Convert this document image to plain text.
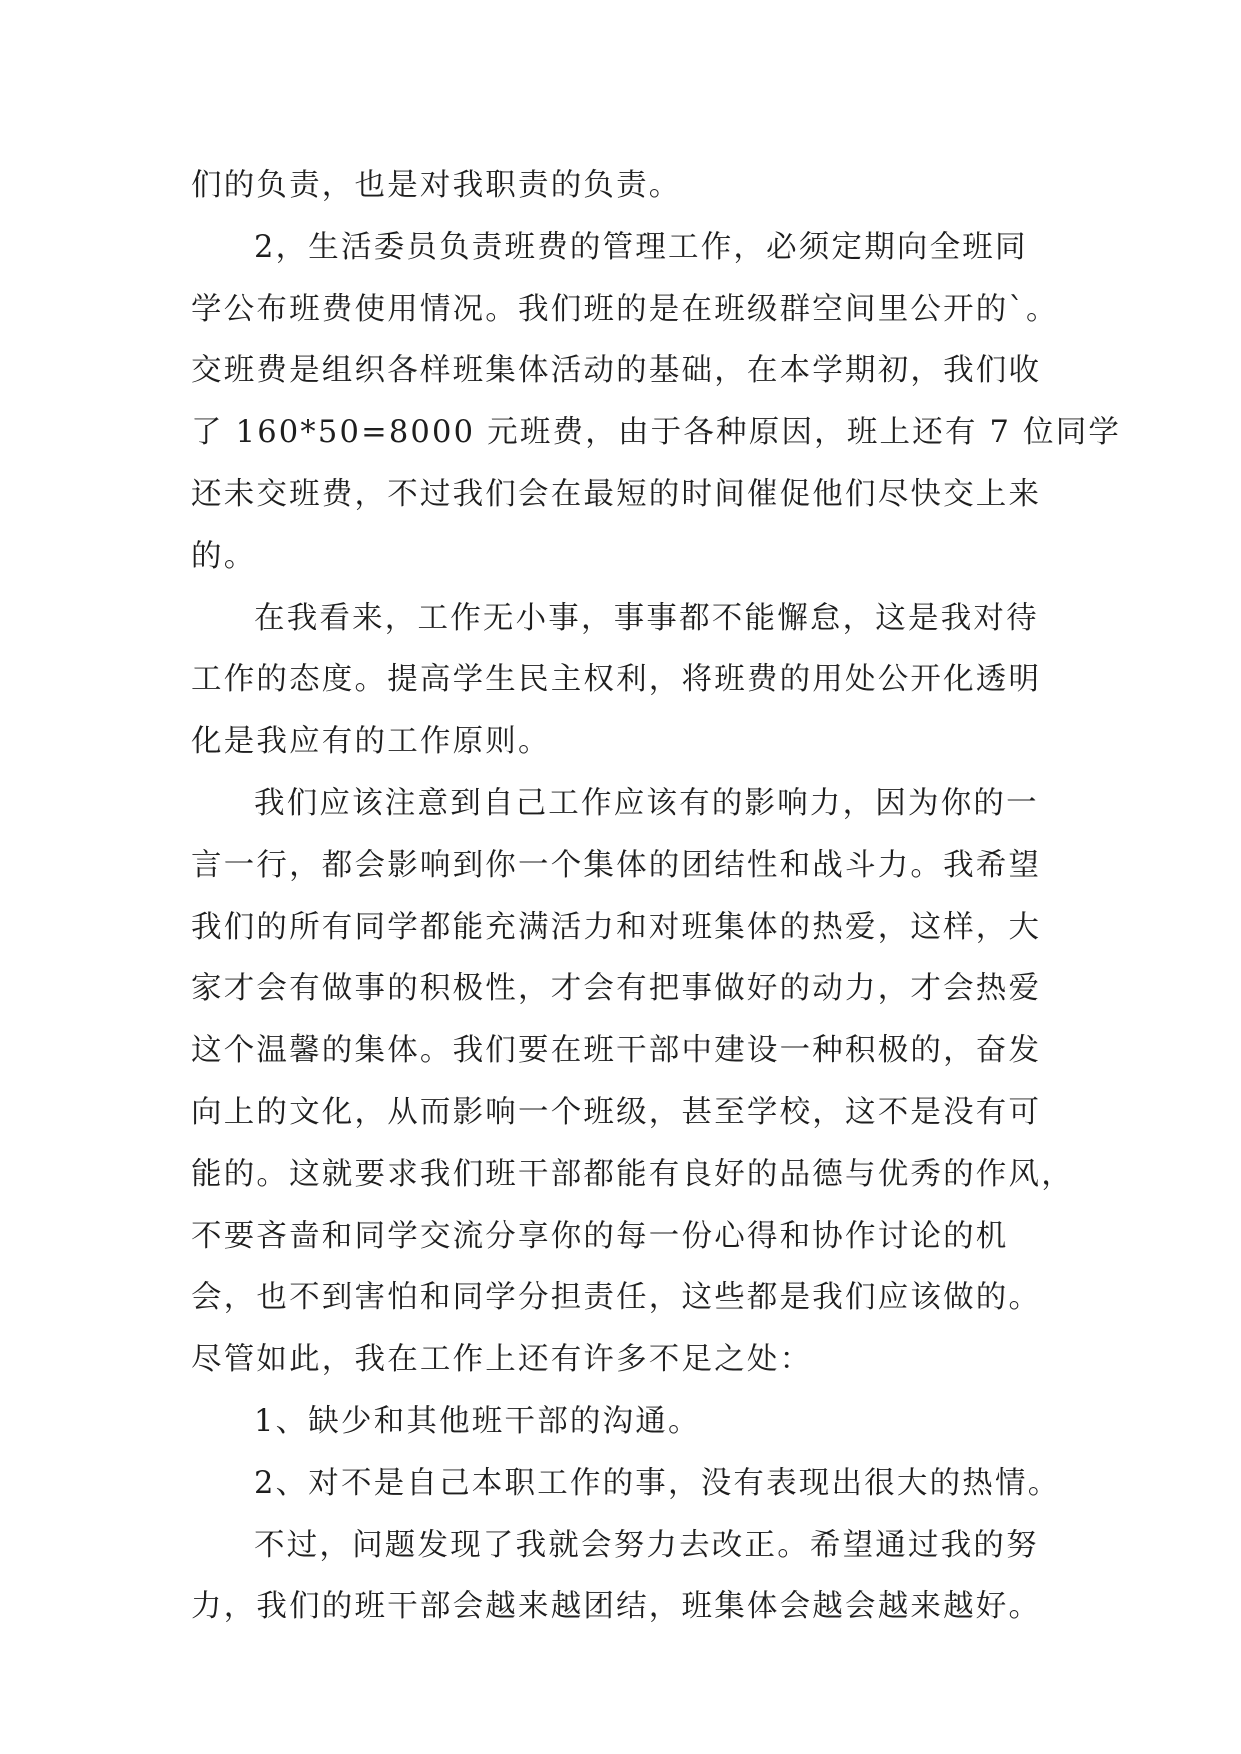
们的负责，也是对我职责的负责。
2，生活委员负责班费的管理工作，必须定期向全班同
学公布班费使用情况。我们班的是在班级群空间里公开的`。
交班费是组织各样班集体活动的基础，在本学期初，我们收
了 160*50=8000 元班费，由于各种原因，班上还有 7 位同学
还未交班费，不过我们会在最短的时间催促他们尽快交上来
的。
在我看来，工作无小事，事事都不能懈怠，这是我对待
工作的态度。提高学生民主权利，将班费的用处公开化透明
化是我应有的工作原则。
我们应该注意到自己工作应该有的影响力，因为你的一
言一行，都会影响到你一个集体的团结性和战斗力。我希望
我们的所有同学都能充满活力和对班集体的热爱，这样，大
家才会有做事的积极性，才会有把事做好的动力，才会热爱
这个温馨的集体。我们要在班干部中建设一种积极的，奋发
向上的文化，从而影响一个班级，甚至学校，这不是没有可
能的。这就要求我们班干部都能有良好的品德与优秀的作风，
不要吝啬和同学交流分享你的每一份心得和协作讨论的机
会，也不到害怕和同学分担责任，这些都是我们应该做的。
尽管如此，我在工作上还有许多不足之处：
1、缺少和其他班干部的沟通。
2、对不是自己本职工作的事，没有表现出很大的热情。
不过，问题发现了我就会努力去改正。希望通过我的努
力，我们的班干部会越来越团结，班集体会越会越来越好。
